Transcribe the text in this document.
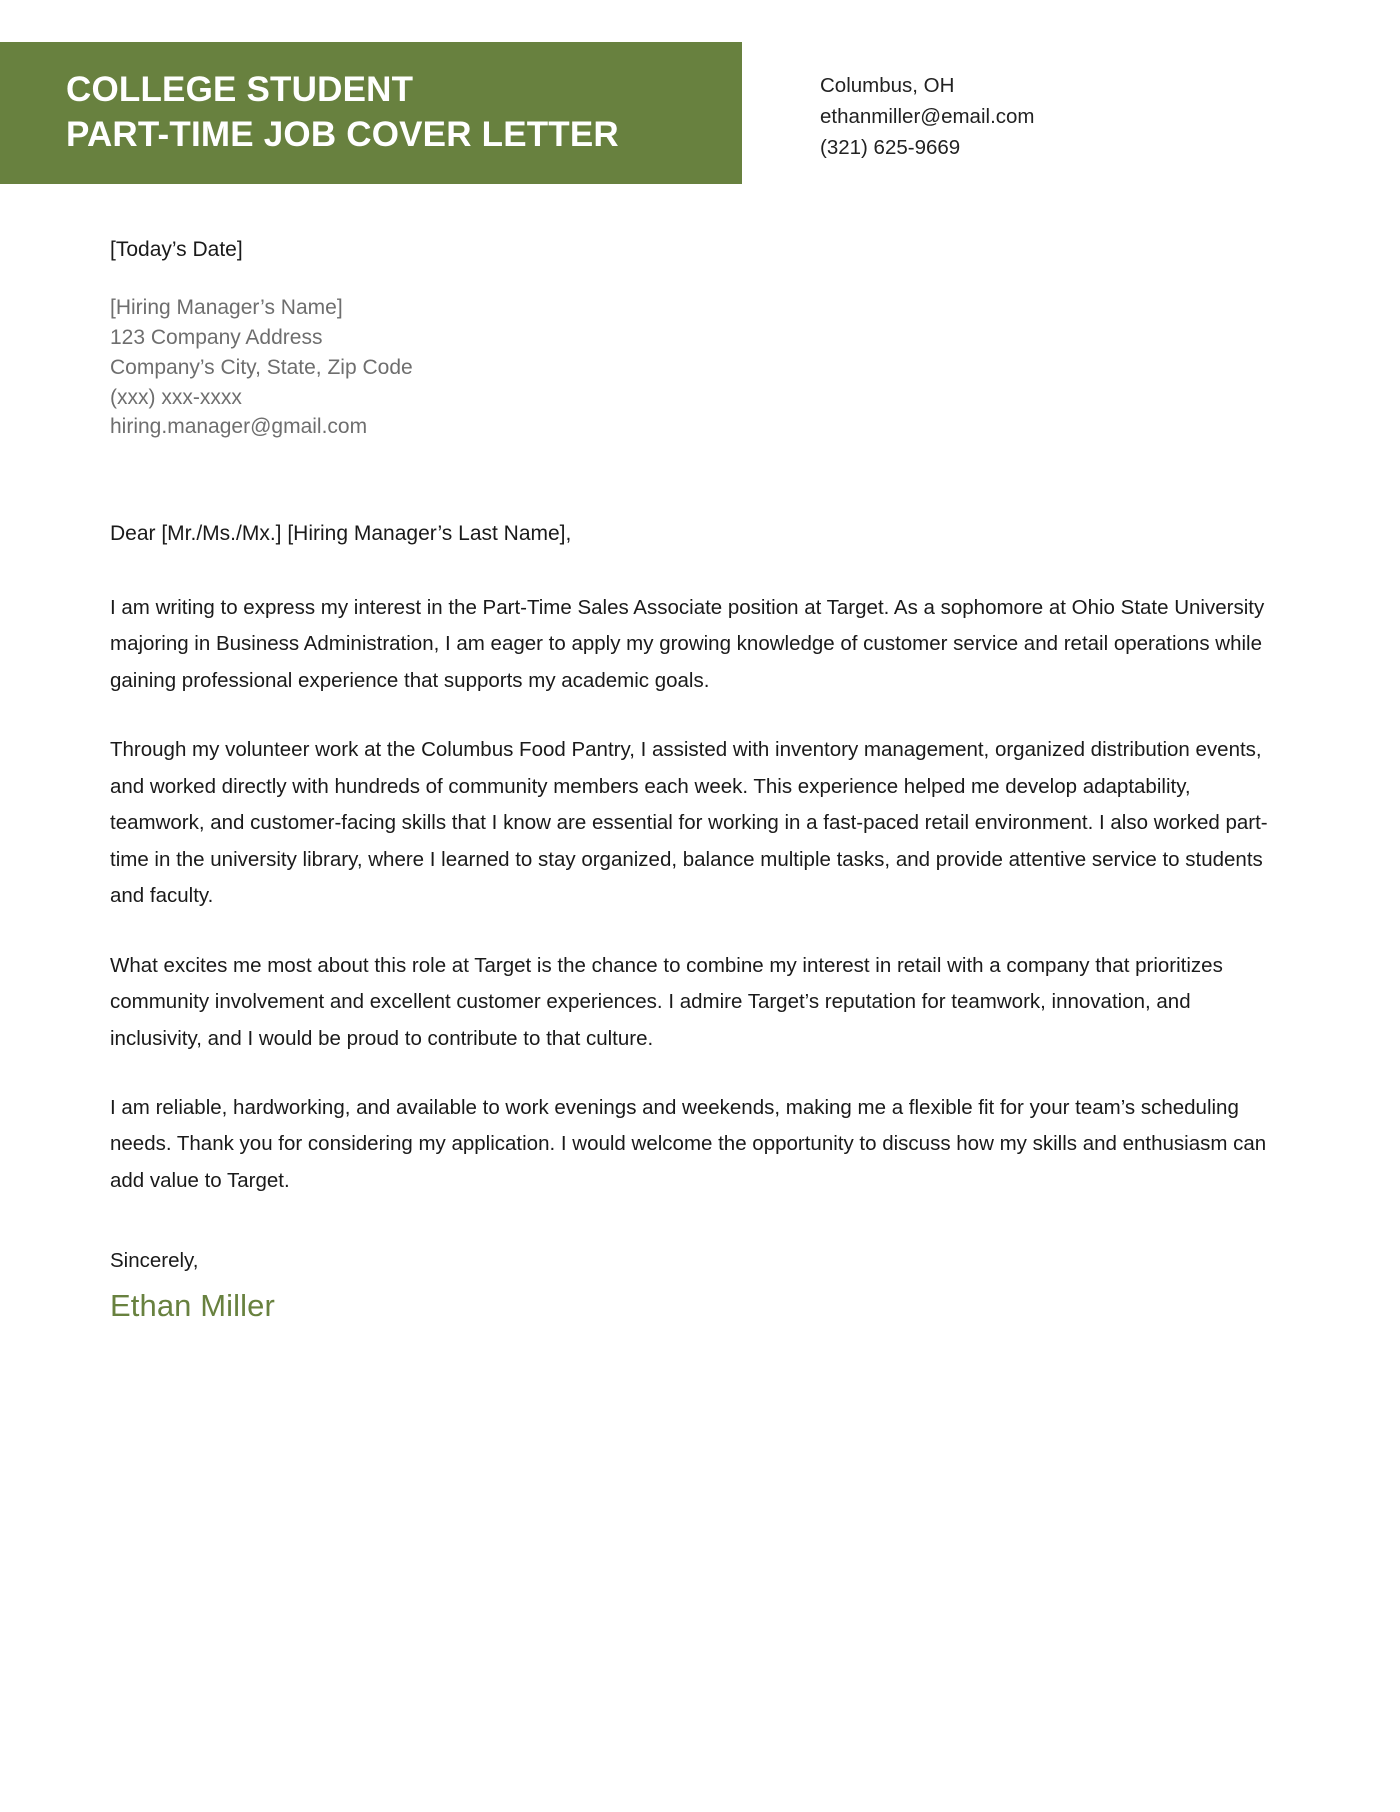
COLLEGE STUDENT
PART-TIME JOB COVER LETTER
Columbus, OH
ethanmiller@email.com
(321) 625-9669
[Today’s Date]
[Hiring Manager’s Name]
123 Company Address
Company’s City, State, Zip Code
(xxx) xxx-xxxx
hiring.manager@gmail.com
Dear [Mr./Ms./Mx.] [Hiring Manager’s Last Name],

I am writing to express my interest in the Part-Time Sales Associate position at Target. As a sophomore at Ohio State University majoring in Business Administration, I am eager to apply my growing knowledge of customer service and retail operations while gaining professional experience that supports my academic goals.

Through my volunteer work at the Columbus Food Pantry, I assisted with inventory management, organized distribution events, and worked directly with hundreds of community members each week. This experience helped me develop adaptability, teamwork, and customer-facing skills that I know are essential for working in a fast-paced retail environment. I also worked part-time in the university library, where I learned to stay organized, balance multiple tasks, and provide attentive service to students and faculty.

What excites me most about this role at Target is the chance to combine my interest in retail with a company that prioritizes community involvement and excellent customer experiences. I admire Target’s reputation for teamwork, innovation, and inclusivity, and I would be proud to contribute to that culture.

I am reliable, hardworking, and available to work evenings and weekends, making me a flexible fit for your team’s scheduling needs. Thank you for considering my application. I would welcome the opportunity to discuss how my skills and enthusiasm can add value to Target.

Sincerely,
Ethan Miller
